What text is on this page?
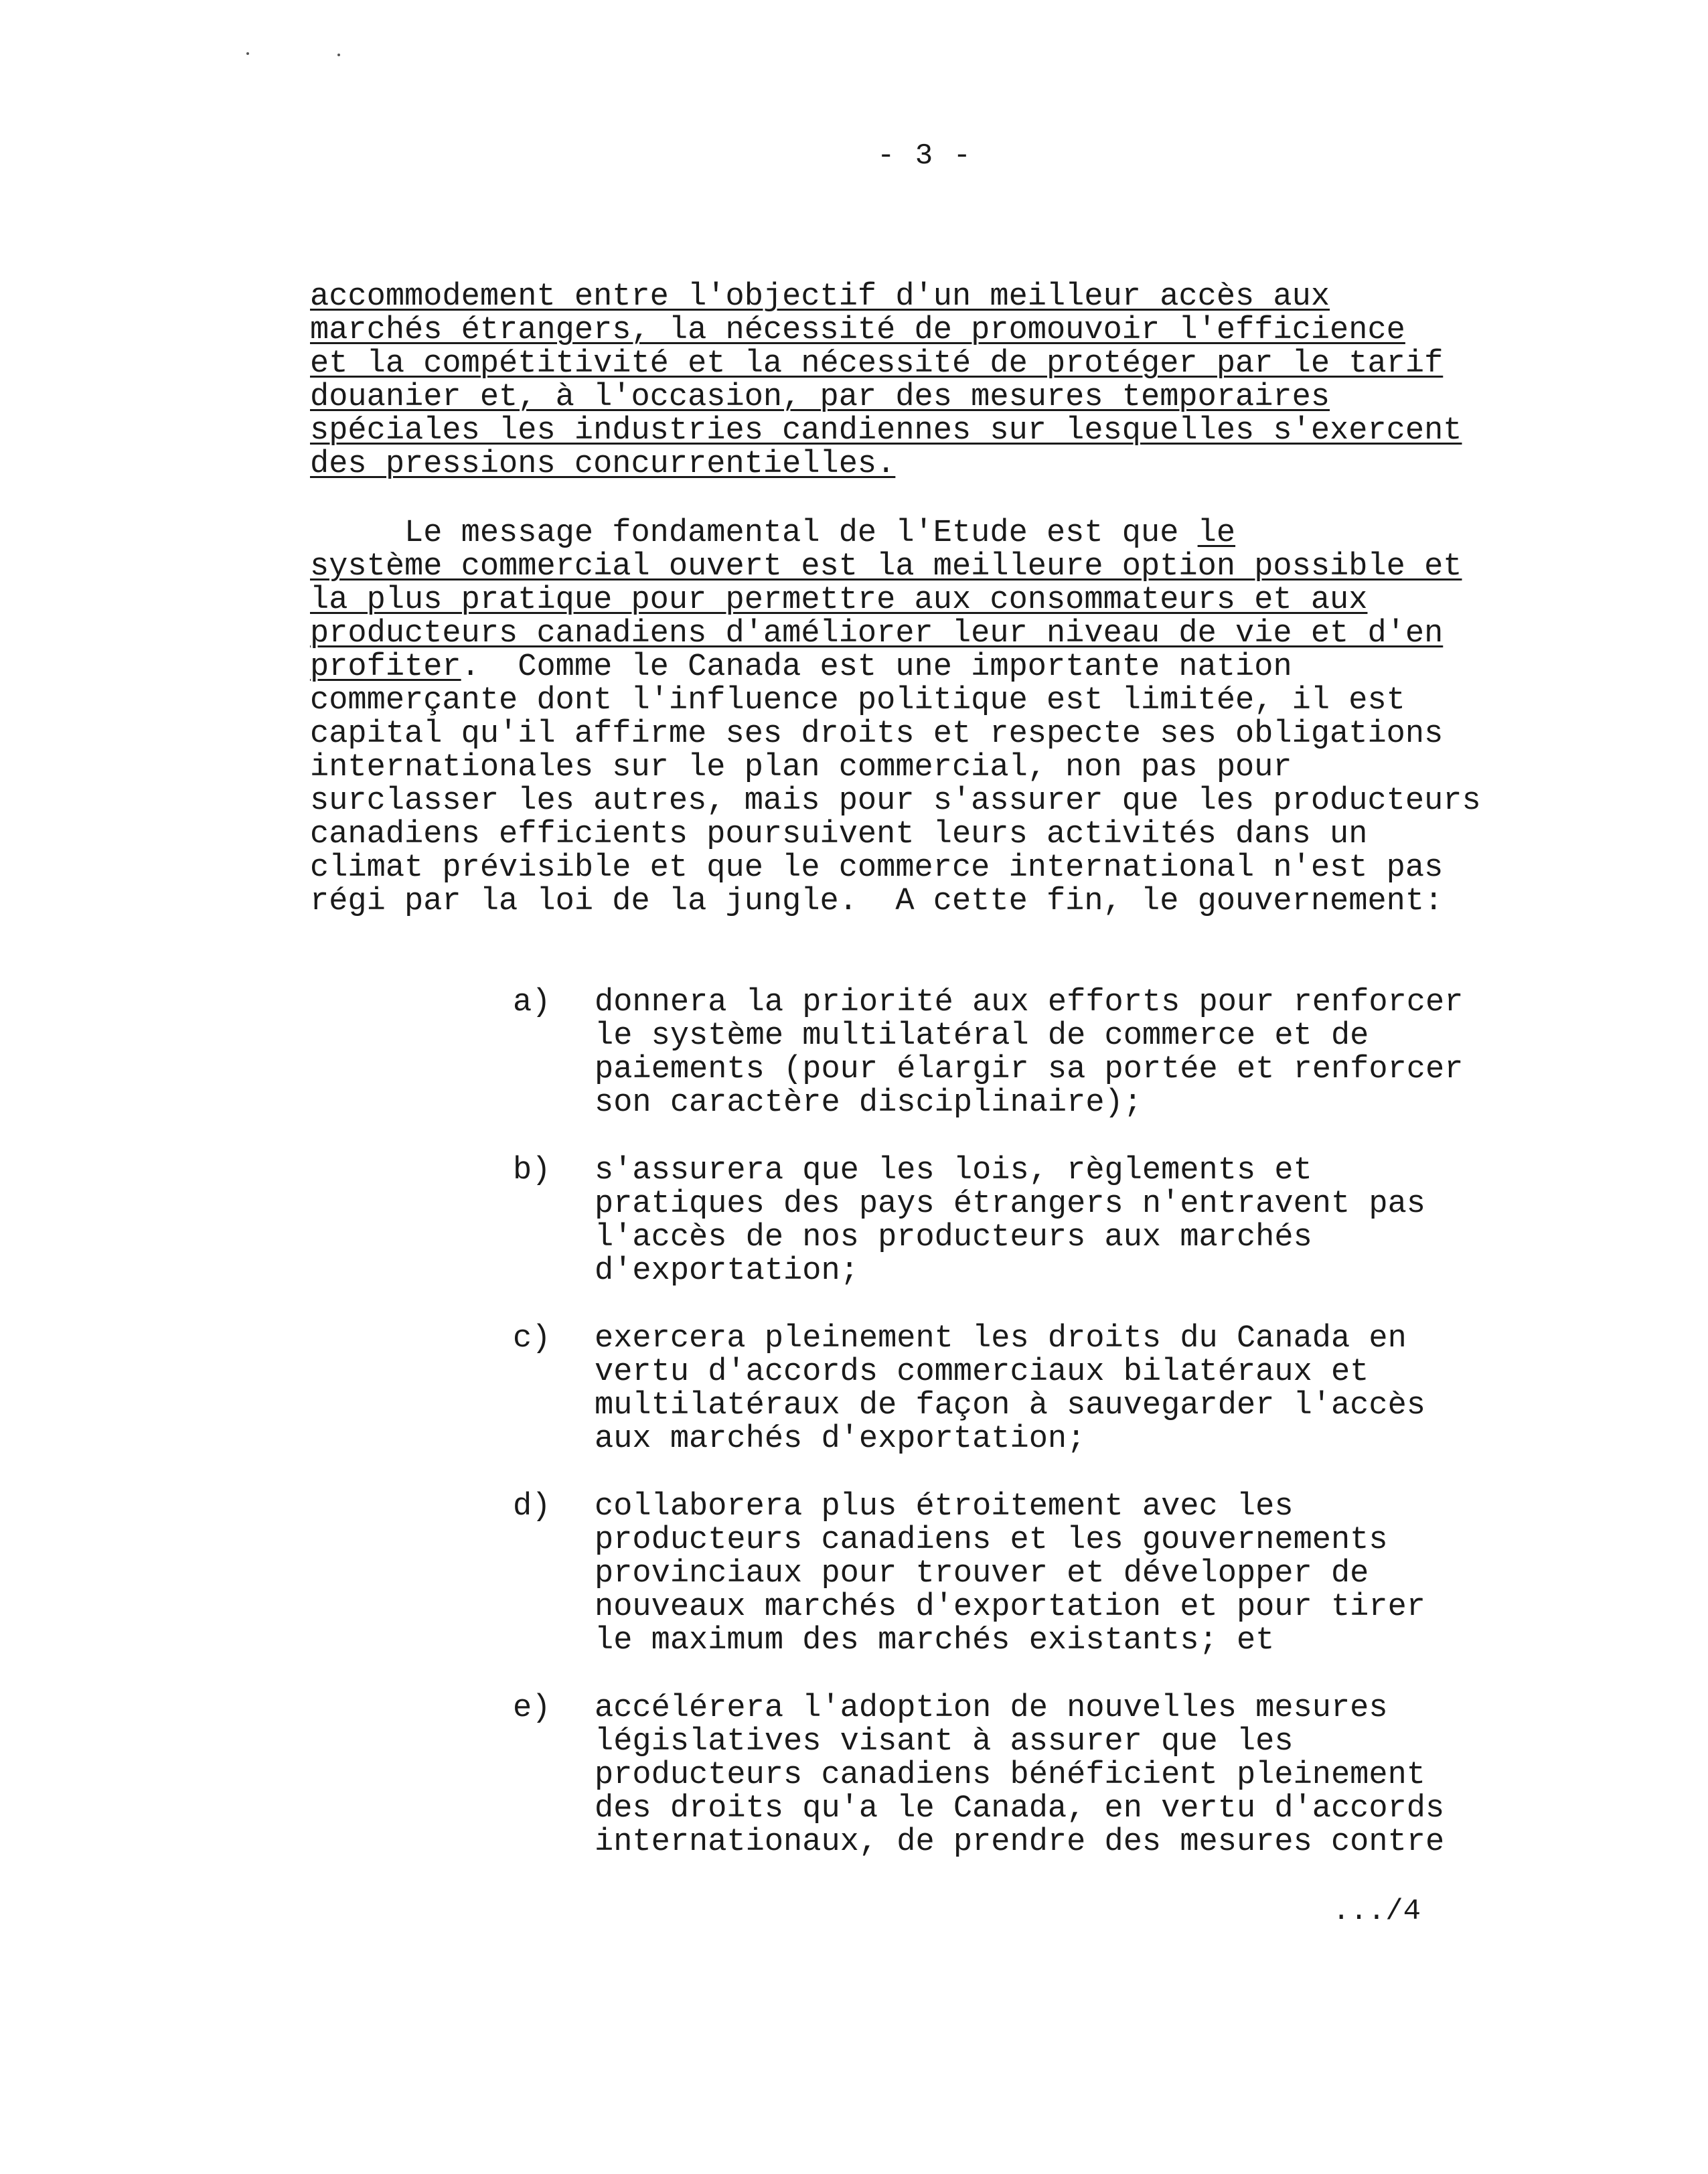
- 3 -
accommodement entre l'objectif d'un meilleur accès aux
marchés étrangers, la nécessité de promouvoir l'efficience
et la compétitivité et la nécessité de protéger par le tarif
douanier et, à l'occasion, par des mesures temporaires
spéciales les industries candiennes sur lesquelles s'exercent
des pressions concurrentielles.
Le message fondamental de l'Etude est que le
système commercial ouvert est la meilleure option possible et
la plus pratique pour permettre aux consommateurs et aux
producteurs canadiens d'améliorer leur niveau de vie et d'en
profiter.  Comme le Canada est une importante nation
commerçante dont l'influence politique est limitée, il est
capital qu'il affirme ses droits et respecte ses obligations
internationales sur le plan commercial, non pas pour
surclasser les autres, mais pour s'assurer que les producteurs
canadiens efficients poursuivent leurs activités dans un
climat prévisible et que le commerce international n'est pas
régi par la loi de la jungle.  A cette fin, le gouvernement:
a) donnera la priorité aux efforts pour renforcer
le système multilatéral de commerce et de
paiements (pour élargir sa portée et renforcer
son caractère disciplinaire);
b) s'assurera que les lois, règlements et
pratiques des pays étrangers n'entravent pas
l'accès de nos producteurs aux marchés
d'exportation;
c) exercera pleinement les droits du Canada en
vertu d'accords commerciaux bilatéraux et
multilatéraux de façon à sauvegarder l'accès
aux marchés d'exportation;
d) collaborera plus étroitement avec les
producteurs canadiens et les gouvernements
provinciaux pour trouver et développer de
nouveaux marchés d'exportation et pour tirer
le maximum des marchés existants; et
e) accélérera l'adoption de nouvelles mesures
législatives visant à assurer que les
producteurs canadiens bénéficient pleinement
des droits qu'a le Canada, en vertu d'accords
internationaux, de prendre des mesures contre
.../4
